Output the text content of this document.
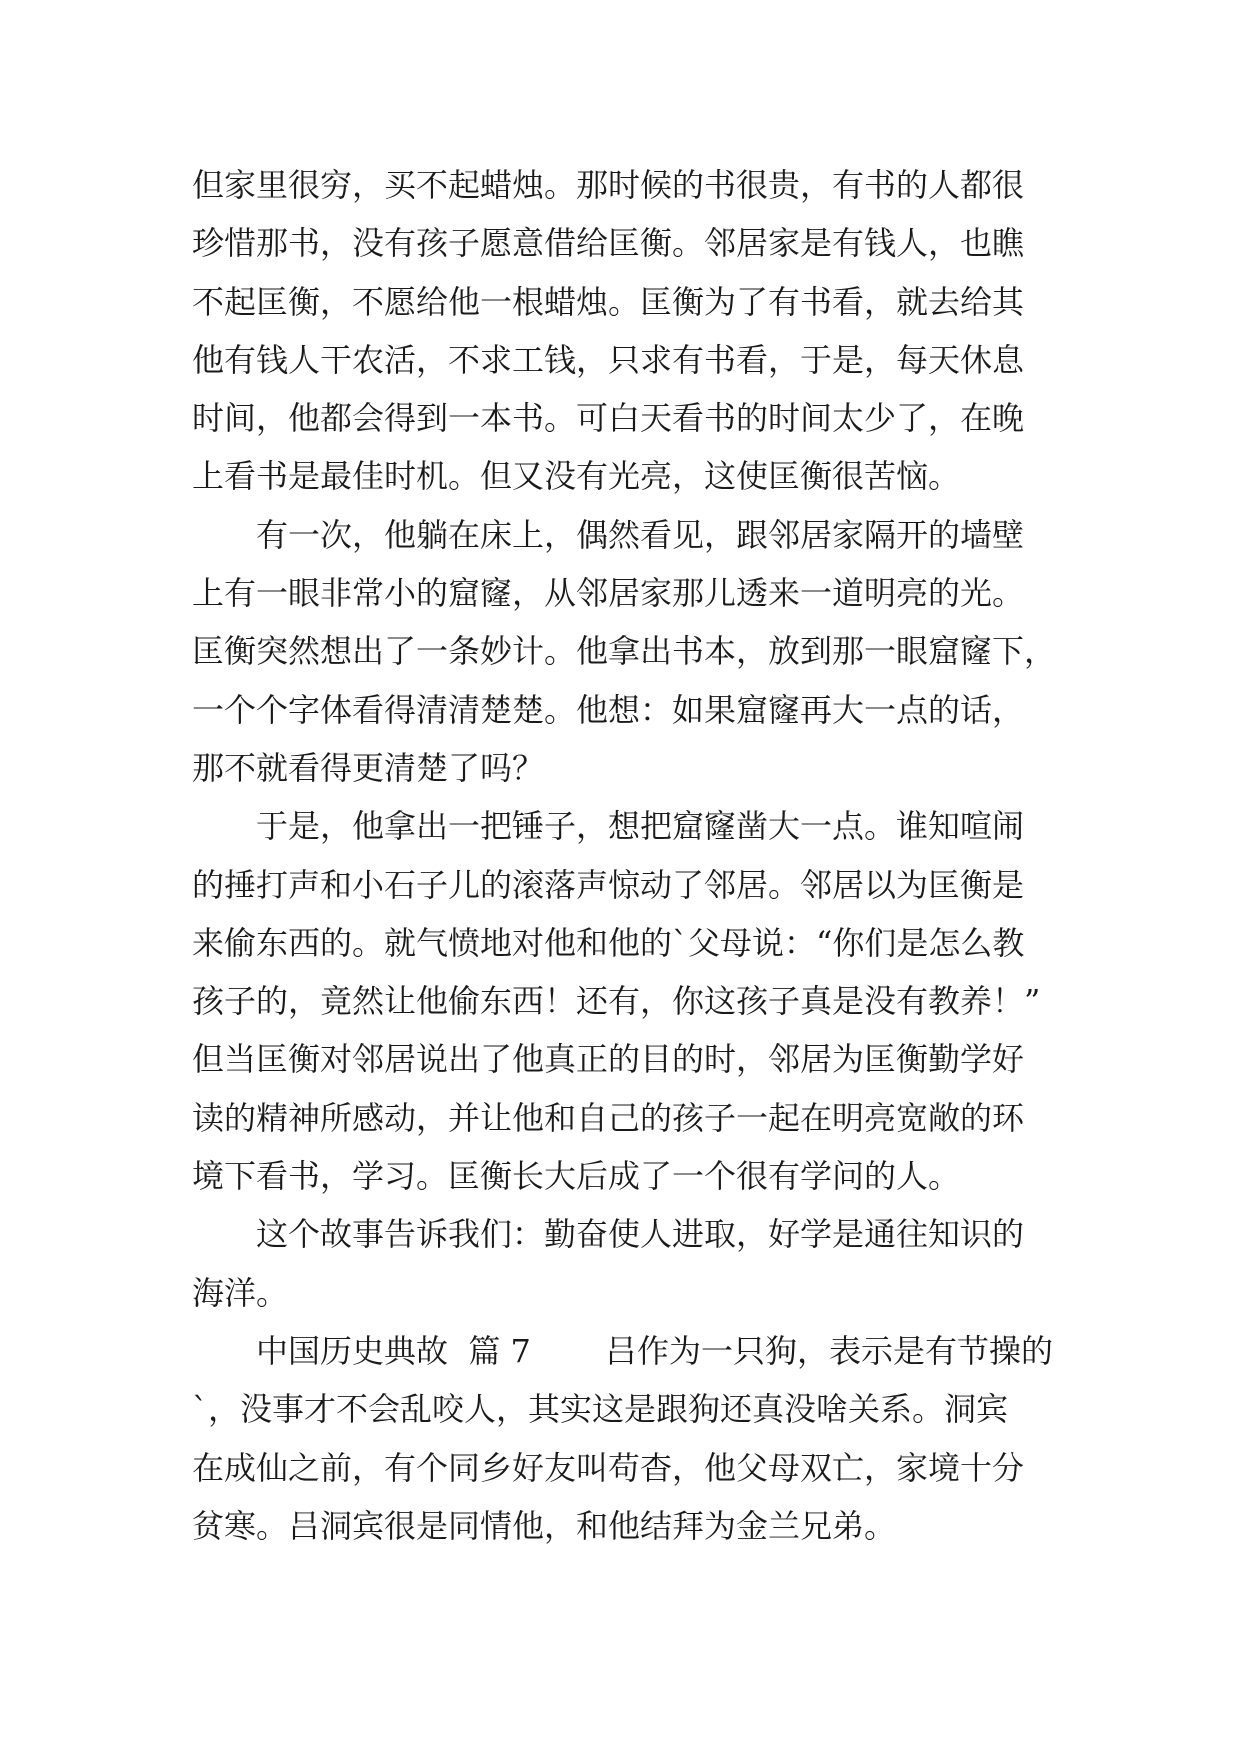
但家里很穷，买不起蜡烛。那时候的书很贵，有书的人都很
珍惜那书，没有孩子愿意借给匡衡。邻居家是有钱人，也瞧
不起匡衡，不愿给他一根蜡烛。匡衡为了有书看，就去给其
他有钱人干农活，不求工钱，只求有书看，于是，每天休息
时间，他都会得到一本书。可白天看书的时间太少了，在晚
上看书是最佳时机。但又没有光亮，这使匡衡很苦恼。
　　有一次，他躺在床上，偶然看见，跟邻居家隔开的墙壁
上有一眼非常小的窟窿，从邻居家那儿透来一道明亮的光。
匡衡突然想出了一条妙计。他拿出书本，放到那一眼窟窿下，
一个个字体看得清清楚楚。他想：如果窟窿再大一点的话，
那不就看得更清楚了吗？
　　于是，他拿出一把锤子，想把窟窿凿大一点。谁知喧闹
的捶打声和小石子儿的滚落声惊动了邻居。邻居以为匡衡是
来偷东西的。就气愤地对他和他的`父母说：“你们是怎么教
孩子的，竟然让他偷东西！还有，你这孩子真是没有教养！”
但当匡衡对邻居说出了他真正的目的时，邻居为匡衡勤学好
读的精神所感动，并让他和自己的孩子一起在明亮宽敞的环
境下看书，学习。匡衡长大后成了一个很有学问的人。
　　这个故事告诉我们：勤奋使人进取，好学是通往知识的
海洋。
　　中国历史典故  篇 7　　 吕作为一只狗，表示是有节操的
`，没事才不会乱咬人，其实这是跟狗还真没啥关系。洞宾
在成仙之前，有个同乡好友叫苟杳，他父母双亡，家境十分
贫寒。吕洞宾很是同情他，和他结拜为金兰兄弟。
